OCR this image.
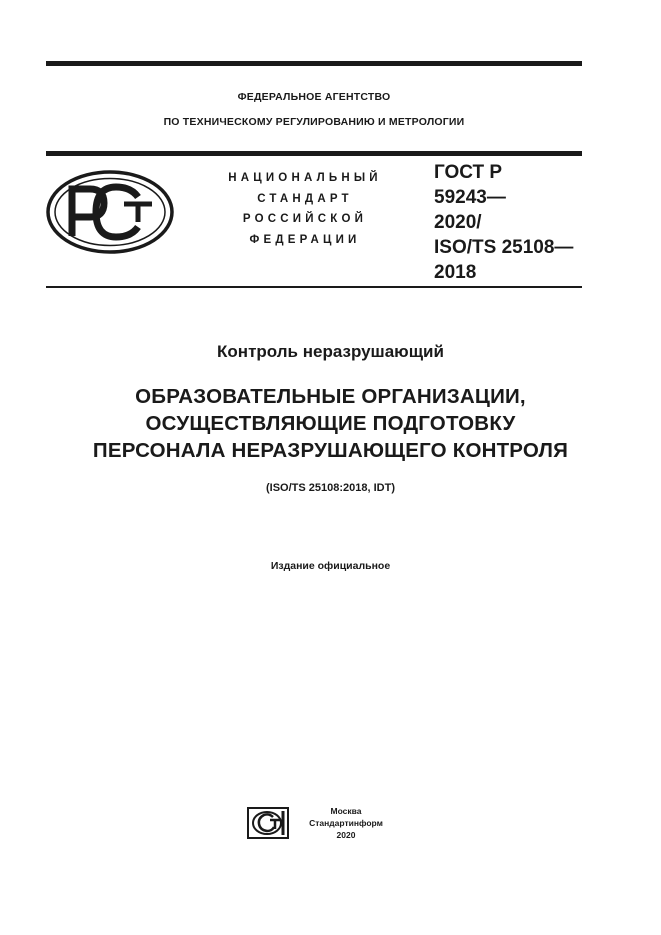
ФЕДЕРАЛЬНОЕ АГЕНТСТВО
ПО ТЕХНИЧЕСКОМУ РЕГУЛИРОВАНИЮ И МЕТРОЛОГИИ
НАЦИОНАЛЬНЫЙ
СТАНДАРТ
РОССИЙСКОЙ
ФЕДЕРАЦИИ
ГОСТ Р
59243—
2020/
ISO/TS 25108—
2018
Контроль неразрушающий
ОБРАЗОВАТЕЛЬНЫЕ ОРГАНИЗАЦИИ,
ОСУЩЕСТВЛЯЮЩИЕ ПОДГОТОВКУ
ПЕРСОНАЛА НЕРАЗРУШАЮЩЕГО КОНТРОЛЯ
(ISO/TS 25108:2018, IDT)
Издание официальное
Москва
Стандартинформ
2020
